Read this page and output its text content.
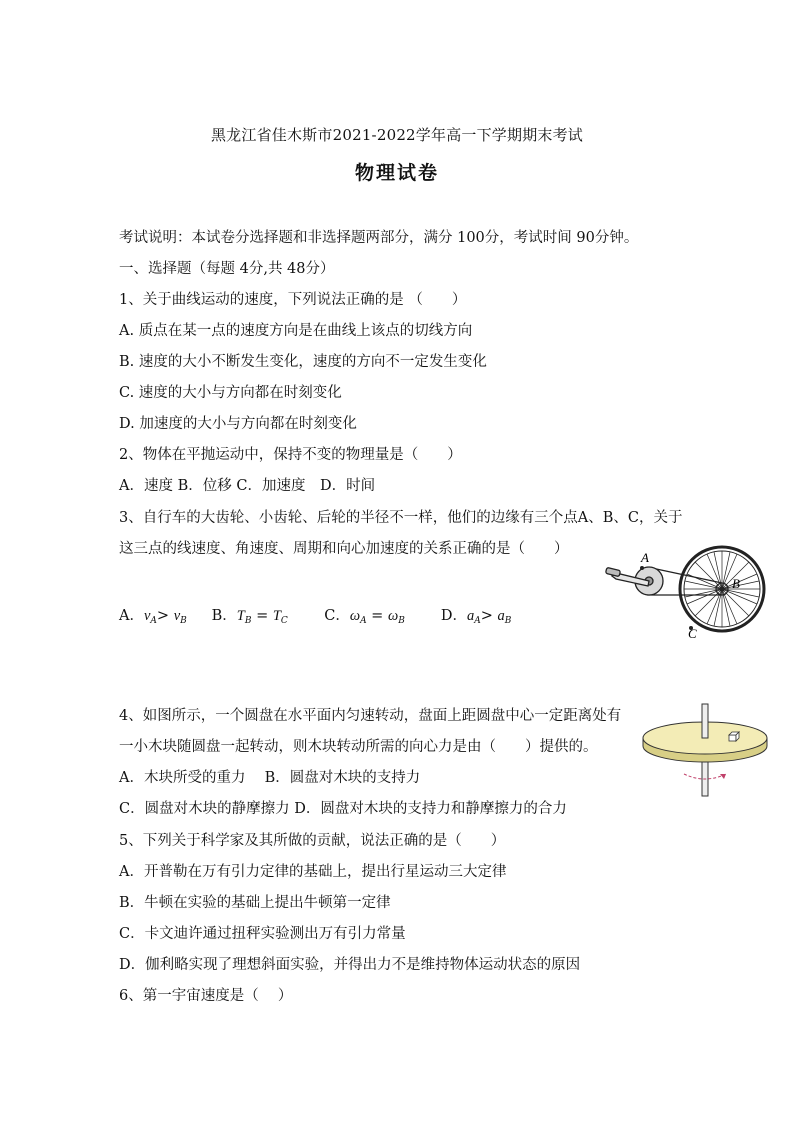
黑龙江省佳木斯市2021-2022学年高一下学期期末考试
物理试卷
考试说明：本试卷分选择题和非选择题两部分，满分 100分，考试时间 90分钟。
一、选择题（每题 4分,共 48分）
1、关于曲线运动的速度，下列说法正确的是 （　　）
A. 质点在某一点的速度方向是在曲线上该点的切线方向
B. 速度的大小不断发生变化，速度的方向不一定发生变化
C. 速度的大小与方向都在时刻变化
D. 加速度的大小与方向都在时刻变化
2、物体在平抛运动中，保持不变的物理量是（　　）
A．速度 B．位移 C．加速度　D．时间
3、自行车的大齿轮、小齿轮、后轮的半径不一样，他们的边缘有三个点A、B、C，关于
这三点的线速度、角速度、周期和向心加速度的关系正确的是（　　）
A．$v_A> v_B$ B．$T_B = T_C$	C．$\omega_A = \omega_B$ D．$a_A> a_B$
A
B
C
4、如图所示，一个圆盘在水平面内匀速转动，盘面上距圆盘中心一定距离处有
一小木块随圆盘一起转动，则木块转动所需的向心力是由（　　）提供的。
A．木块所受的重力　 B．圆盘对木块的支持力
C．圆盘对木块的静摩擦力 D．圆盘对木块的支持力和静摩擦力的合力
5、下列关于科学家及其所做的贡献，说法正确的是（　　）
A．开普勒在万有引力定律的基础上，提出行星运动三大定律
B．牛顿在实验的基础上提出牛顿第一定律
C．卡文迪许通过扭秤实验测出万有引力常量
D．伽利略实现了理想斜面实验，并得出力不是维持物体运动状态的原因
6、第一宇宙速度是（　 ）
